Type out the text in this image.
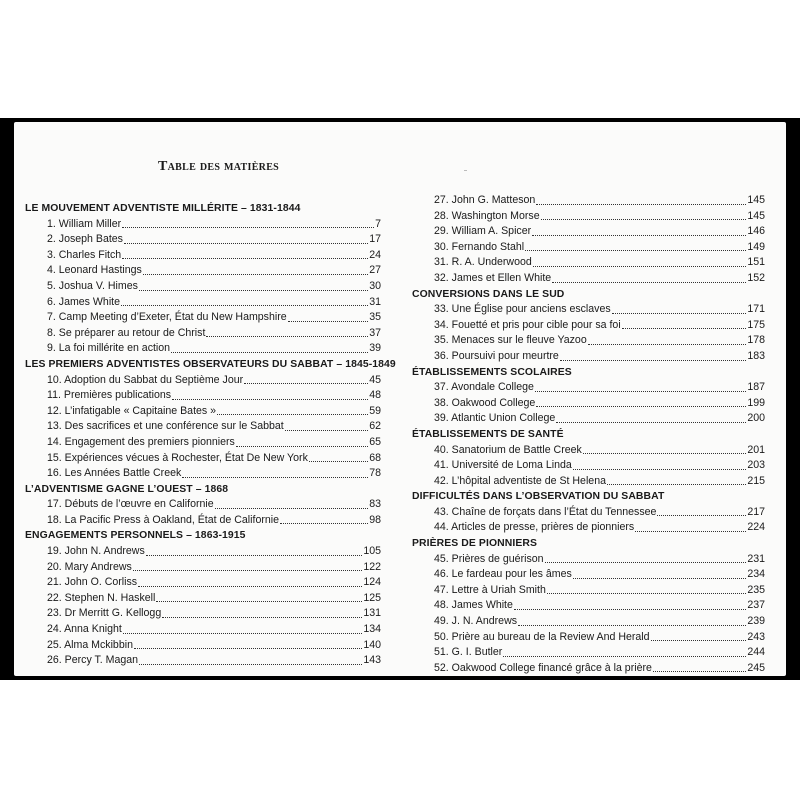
Table des matières
LE MOUVEMENT ADVENTISTE MILLÉRITE – 1831-1844
1. William Miller	7
2. Joseph Bates	17
3. Charles Fitch	24
4. Leonard Hastings	27
5. Joshua V. Himes	30
6. James White	31
7. Camp Meeting d’Exeter, État du New Hampshire	35
8. Se préparer au retour de Christ	37
9. La foi millérite en action	39
LES PREMIERS ADVENTISTES OBSERVATEURS DU SABBAT – 1845-1849
10. Adoption du Sabbat du Septième Jour	45
11. Premières publications	48
12. L’infatigable « Capitaine Bates »	59
13. Des sacrifices et une conférence sur le Sabbat	62
14. Engagement des premiers pionniers	65
15. Expériences vécues à Rochester, État De New York	68
16. Les Années Battle Creek	78
L’ADVENTISME GAGNE L’OUEST – 1868
17. Débuts de l’œuvre en Californie	83
18. La Pacific Press à Oakland, État de Californie	98
ENGAGEMENTS PERSONNELS – 1863-1915
19. John N. Andrews	105
20. Mary Andrews	122
21. John O. Corliss	124
22. Stephen N. Haskell	125
23. Dr Merritt G. Kellogg	131
24. Anna Knight	134
25. Alma Mckibbin	140
26. Percy T. Magan	143
27. John G. Matteson	145
28. Washington Morse	145
29. William A. Spicer	146
30. Fernando Stahl	149
31. R. A. Underwood	151
32. James et Ellen White	152
CONVERSIONS DANS LE SUD
33. Une Église pour anciens esclaves	171
34. Fouetté et pris pour cible pour sa foi	175
35. Menaces sur le fleuve Yazoo	178
36. Poursuivi pour meurtre	183
ÉTABLISSEMENTS SCOLAIRES
37. Avondale College	187
38. Oakwood College	199
39. Atlantic Union College	200
ÉTABLISSEMENTS DE SANTÉ
40. Sanatorium de Battle Creek	201
41. Université de Loma Linda	203
42. L’hôpital adventiste de St Helena	215
DIFFICULTÉS DANS L’OBSERVATION DU SABBAT
43. Chaîne de forçats dans l’État du Tennessee	217
44. Articles de presse, prières de pionniers	224
PRIÈRES DE PIONNIERS
45. Prières de guérison	231
46. Le fardeau pour les âmes	234
47. Lettre à Uriah Smith	235
48. James White	237
49. J. N. Andrews	239
50. Prière au bureau de la Review And Herald	243
51. G. I. Butler	244
52. Oakwood College financé grâce à la prière	245
